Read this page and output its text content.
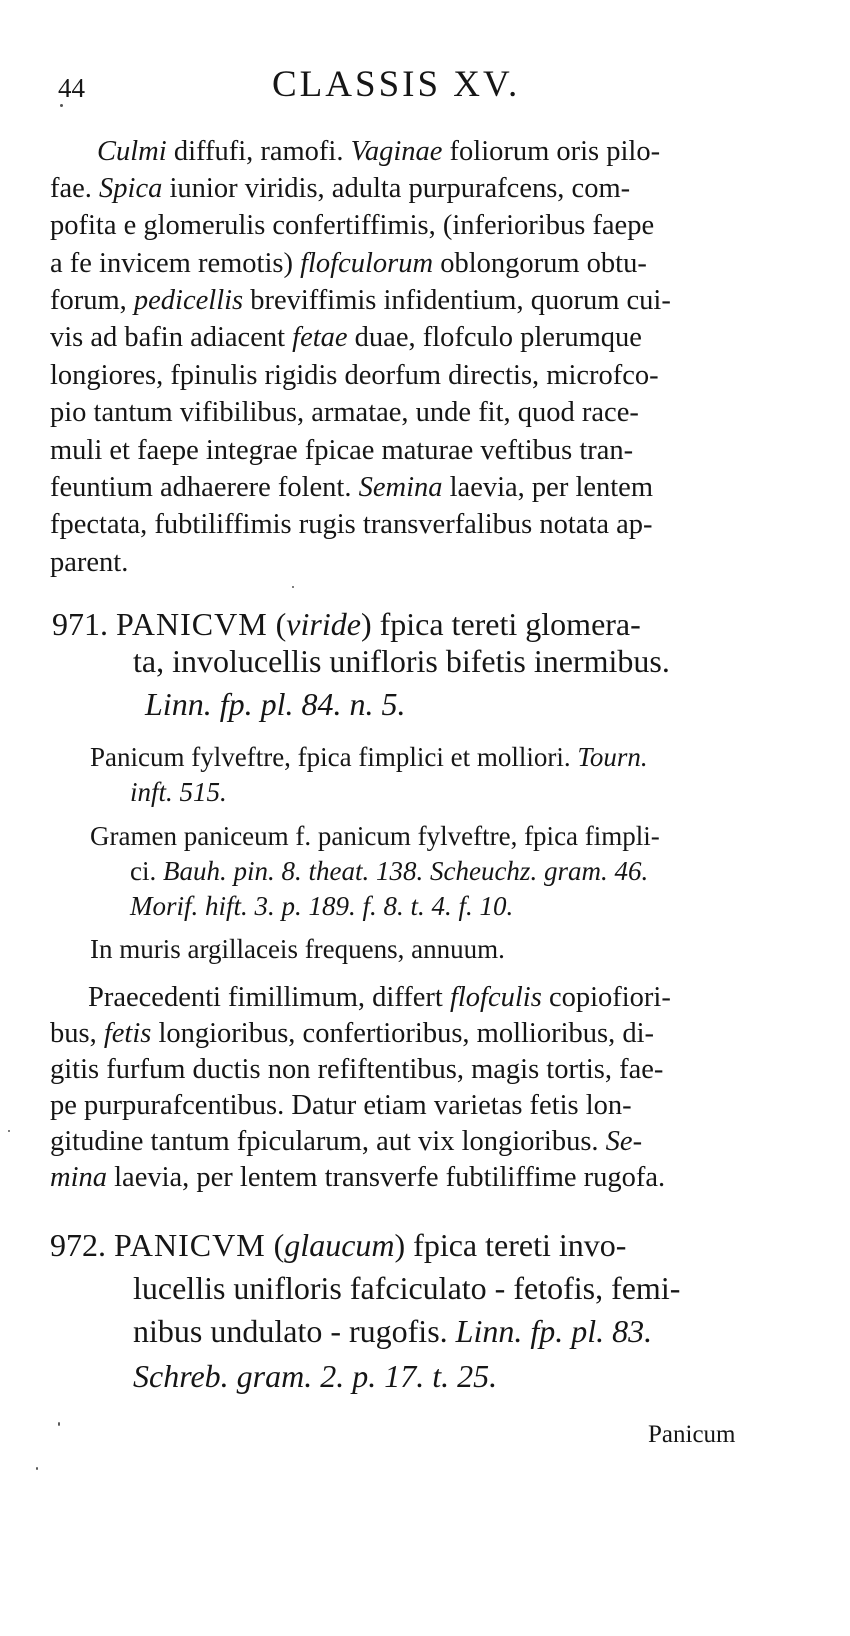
44	CLASSIS XV.
Culmi diffufi, ramofi. Vaginae foliorum oris pilo-
fae. Spica iunior viridis, adulta purpurafcens, com-
pofita e glomerulis confertiffimis, (inferioribus faepe
a fe invicem remotis) flofculorum oblongorum obtu-
forum, pedicellis breviffimis infidentium, quorum cui-
vis ad bafin adiacent fetae duae, flofculo plerumque
longiores, fpinulis rigidis deorfum directis, microfco-
pio tantum vifibilibus, armatae, unde fit, quod race-
muli et faepe integrae fpicae maturae veftibus tran-
feuntium adhaerere folent. Semina laevia, per lentem
fpectata, fubtiliffimis rugis transverfalibus notata ap-
parent.
971. PANICVM (viride) fpica tereti glomera-
ta, involucellis unifloris bifetis inermibus.
Linn. fp. pl. 84. n. 5.
Panicum fylveftre, fpica fimplici et molliori. Tourn.
inft. 515.
Gramen paniceum f. panicum fylveftre, fpica fimpli-
ci. Bauh. pin. 8. theat. 138. Scheuchz. gram. 46.
Morif. hift. 3. p. 189. f. 8. t. 4. f. 10.
In muris argillaceis frequens, annuum.
Praecedenti fimillimum, differt flofculis copiofiori-
bus, fetis longioribus, confertioribus, mollioribus, di-
gitis furfum ductis non refiftentibus, magis tortis, fae-
pe purpurafcentibus. Datur etiam varietas fetis lon-
gitudine tantum fpicularum, aut vix longioribus. Se-
mina laevia, per lentem transverfe fubtiliffime rugofa.
972. PANICVM (glaucum) fpica tereti invo-
lucellis unifloris fafciculato - fetofis, femi-
nibus undulato - rugofis. Linn. fp. pl. 83.
Schreb. gram. 2. p. 17. t. 25.
Panicum
